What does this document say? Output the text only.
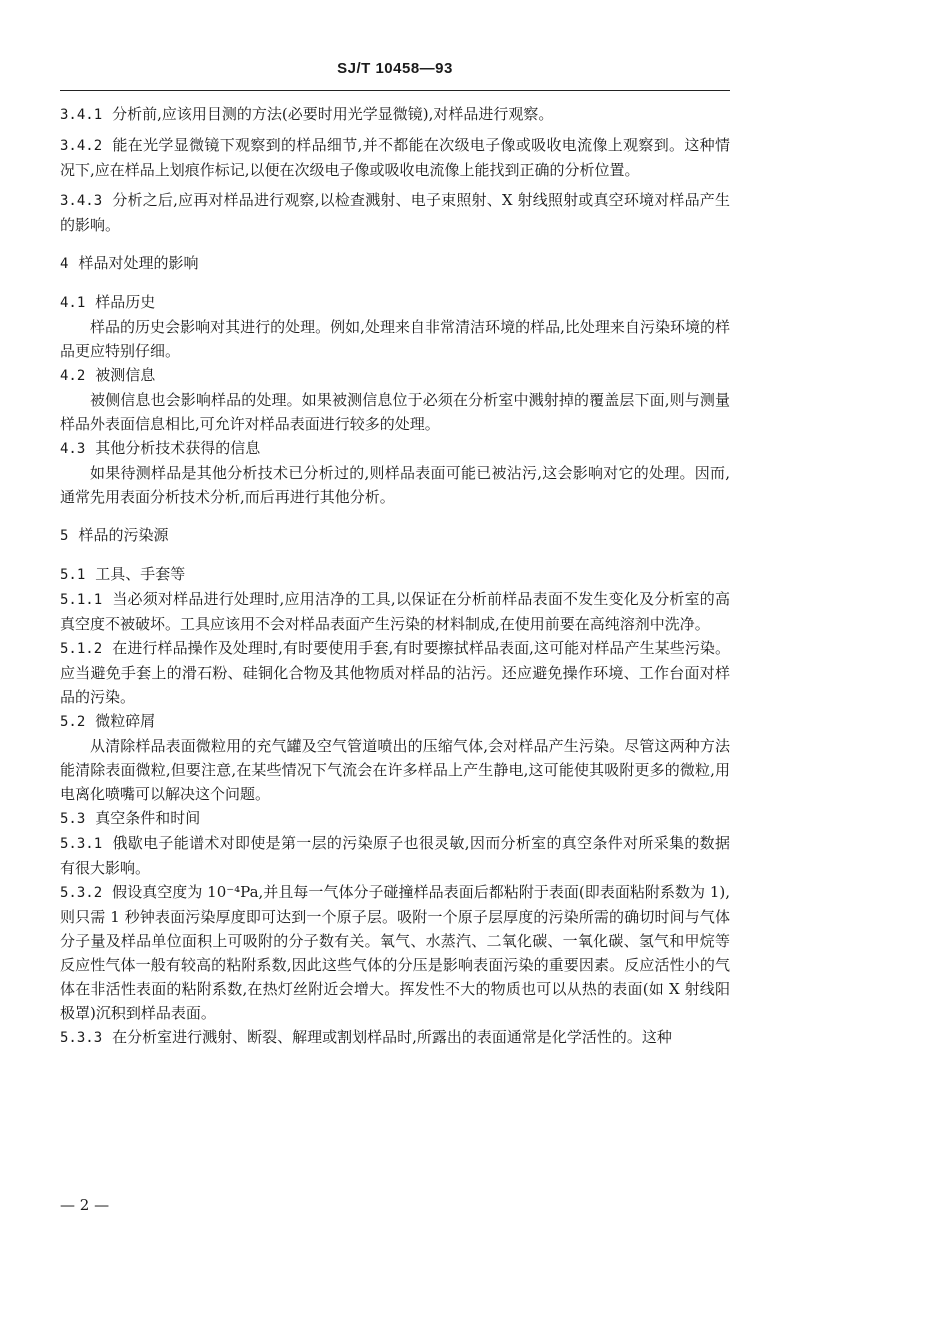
SJ/T 10458—93

3.4.1 分析前,应该用目测的方法(必要时用光学显微镜),对样品进行观察。

3.4.2 能在光学显微镜下观察到的样品细节,并不都能在次级电子像或吸收电流像上观察到。这种情况下,应在样品上划痕作标记,以便在次级电子像或吸收电流像上能找到正确的分析位置。

3.4.3 分析之后,应再对样品进行观察,以检查溅射、电子束照射、X 射线照射或真空环境对样品产生的影响。

4 样品对处理的影响

4.1 样品历史

样品的历史会影响对其进行的处理。例如,处理来自非常清洁环境的样品,比处理来自污染环境的样品更应特别仔细。

4.2 被测信息

被侧信息也会影响样品的处理。如果被测信息位于必须在分析室中溅射掉的覆盖层下面,则与测量样品外表面信息相比,可允许对样品表面进行较多的处理。

4.3 其他分析技术获得的信息

如果待测样品是其他分析技术已分析过的,则样品表面可能已被沾污,这会影响对它的处理。因而,通常先用表面分析技术分析,而后再进行其他分析。

5 样品的污染源

5.1 工具、手套等

5.1.1 当必须对样品进行处理时,应用洁净的工具,以保证在分析前样品表面不发生变化及分析室的高真空度不被破坏。工具应该用不会对样品表面产生污染的材料制成,在使用前要在高纯溶剂中洗净。

5.1.2 在进行样品操作及处理时,有时要使用手套,有时要擦拭样品表面,这可能对样品产生某些污染。应当避免手套上的滑石粉、硅铜化合物及其他物质对样品的沾污。还应避免操作环境、工作台面对样品的污染。

5.2 微粒碎屑

从清除样品表面微粒用的充气罐及空气管道喷出的压缩气体,会对样品产生污染。尽管这两种方法能清除表面微粒,但要注意,在某些情况下气流会在许多样品上产生静电,这可能使其吸附更多的微粒,用电离化喷嘴可以解决这个问题。

5.3 真空条件和时间

5.3.1 俄歇电子能谱术对即使是第一层的污染原子也很灵敏,因而分析室的真空条件对所采集的数据有很大影响。

5.3.2 假设真空度为 10⁻⁴Pa,并且每一气体分子碰撞样品表面后都粘附于表面(即表面粘附系数为 1),则只需 1 秒钟表面污染厚度即可达到一个原子层。吸附一个原子层厚度的污染所需的确切时间与气体分子量及样品单位面积上可吸附的分子数有关。氧气、水蒸汽、二氧化碳、一氧化碳、氢气和甲烷等反应性气体一般有较高的粘附系数,因此这些气体的分压是影响表面污染的重要因素。反应活性小的气体在非活性表面的粘附系数,在热灯丝附近会增大。挥发性不大的物质也可以从热的表面(如 X 射线阳极罩)沉积到样品表面。

5.3.3 在分析室进行溅射、断裂、解理或割划样品时,所露出的表面通常是化学活性的。这种

— 2 —
